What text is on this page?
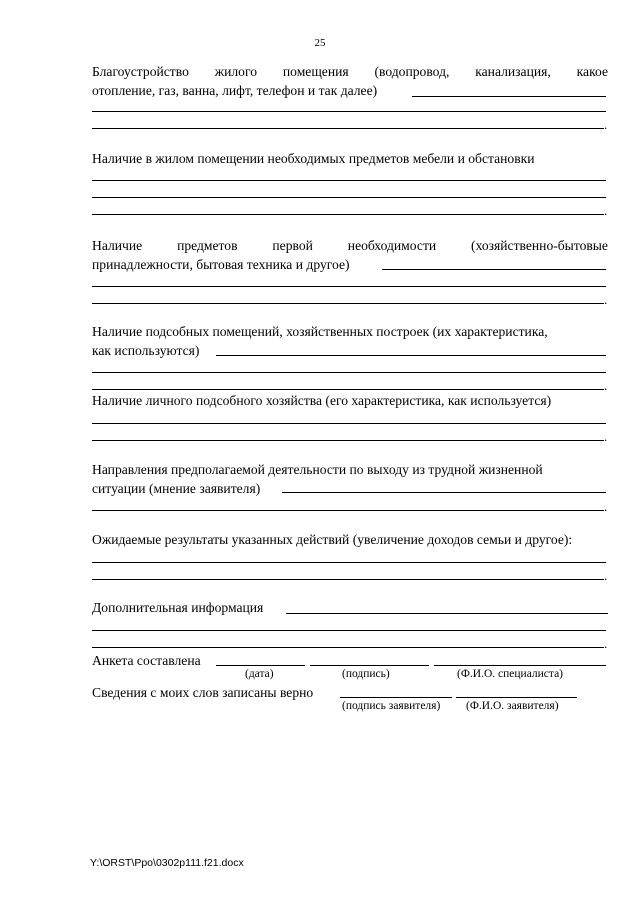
25
Благоустройство жилого помещения (водопровод, канализация, какое
отопление, газ, ванна, лифт, телефон и так далее)
.
Наличие в жилом помещении необходимых предметов мебели и обстановки
.
Наличие	предметов	первой	необходимости	(хозяйственно-бытовые
принадлежности, бытовая техника и другое)
.
Наличие подсобных помещений, хозяйственных построек (их характеристика,
как используются)
.
Наличие личного подсобного хозяйства (его характеристика, как используется)
.
Направления предполагаемой деятельности по выходу из трудной жизненной
ситуации (мнение заявителя)
.
Ожидаемые результаты указанных действий (увеличение доходов семьи и другое):
.
Дополнительная информация
.
Анкета составлена
(дата)	(подпись)	(Ф.И.О. специалиста)
Сведения с моих слов записаны верно
(подпись заявителя) (Ф.И.О. заявителя)
Y:\ORST\Ppo\0302p111.f21.docx
